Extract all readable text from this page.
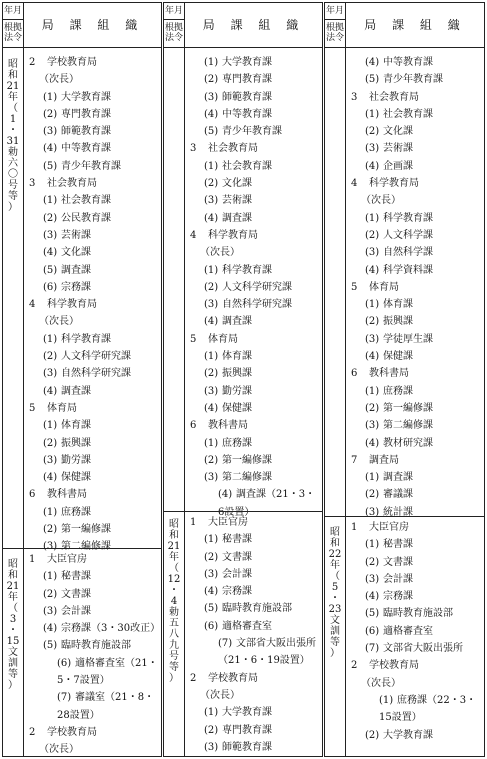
年月
根拠
法令
局 課 組 織
昭
和
21
年
（
1
・
31
勅
六
〇
号
等
）
昭
和
21
年
（
3
・
15
文
訓
等
）
2 学校教育局
（次長）
(1) 大学教育課
(2) 専門教育課
(3) 師範教育課
(4) 中等教育課
(5) 青少年教育課
3 社会教育局
(1) 社会教育課
(2) 公民教育課
(3) 芸術課
(4) 文化課
(5) 調査課
(6) 宗務課
4 科学教育局
（次長）
(1) 科学教育課
(2) 人文科学研究課
(3) 自然科学研究課
(4) 調査課
5 体育局
(1) 体育課
(2) 振興課
(3) 勤労課
(4) 保健課
6 教科書局
(1) 庶務課
(2) 第一編修課
(3) 第二編修課
1 大臣官房
(1) 秘書課
(2) 文書課
(3) 会計課
(4) 宗務課（3・30改正）
(5) 臨時教育施設部
(6) 適格審査室（21・5・7設置）
(7) 審議室（21・8・28設置）
2 学校教育局
（次長）
年月
根拠
法令
局 課 組 織
昭
和
21
年
（
12
・
4
勅
五
八
九
号
等
）
(1) 大学教育課
(2) 専門教育課
(3) 師範教育課
(4) 中等教育課
(5) 青少年教育課
3 社会教育局
(1) 社会教育課
(2) 文化課
(3) 芸術課
(4) 調査課
4 科学教育局
（次長）
(1) 科学教育課
(2) 人文科学研究課
(3) 自然科学研究課
(4) 調査課
5 体育局
(1) 体育課
(2) 振興課
(3) 勤労課
(4) 保健課
6 教科書局
(1) 庶務課
(2) 第一編修課
(3) 第二編修課
(4) 調査課（21・3・6設置）
1 大臣官房
(1) 秘書課
(2) 文書課
(3) 会計課
(4) 宗務課
(5) 臨時教育施設部
(6) 適格審査室
(7) 文部省大阪出張所（21・6・19設置）
2 学校教育局
（次長）
(1) 大学教育課
(2) 専門教育課
(3) 師範教育課
年月
根拠
法令
局 課 組 織
昭
和
22
年
（
5
・
23
文
訓
等
）
(4) 中等教育課
(5) 青少年教育課
3 社会教育局
(1) 社会教育課
(2) 文化課
(3) 芸術課
(4) 企画課
4 科学教育局
（次長）
(1) 科学教育課
(2) 人文科学課
(3) 自然科学課
(4) 科学資料課
5 体育局
(1) 体育課
(2) 振興課
(3) 学徒厚生課
(4) 保健課
6 教科書局
(1) 庶務課
(2) 第一編修課
(3) 第二編修課
(4) 教材研究課
7 調査局
(1) 調査課
(2) 審議課
(3) 統計課
1 大臣官房
(1) 秘書課
(2) 文書課
(3) 会計課
(4) 宗務課
(5) 臨時教育施設部
(6) 適格審査室
(7) 文部省大阪出張所
2 学校教育局
（次長）
(1) 庶務課（22・3・15設置）
(2) 大学教育課
